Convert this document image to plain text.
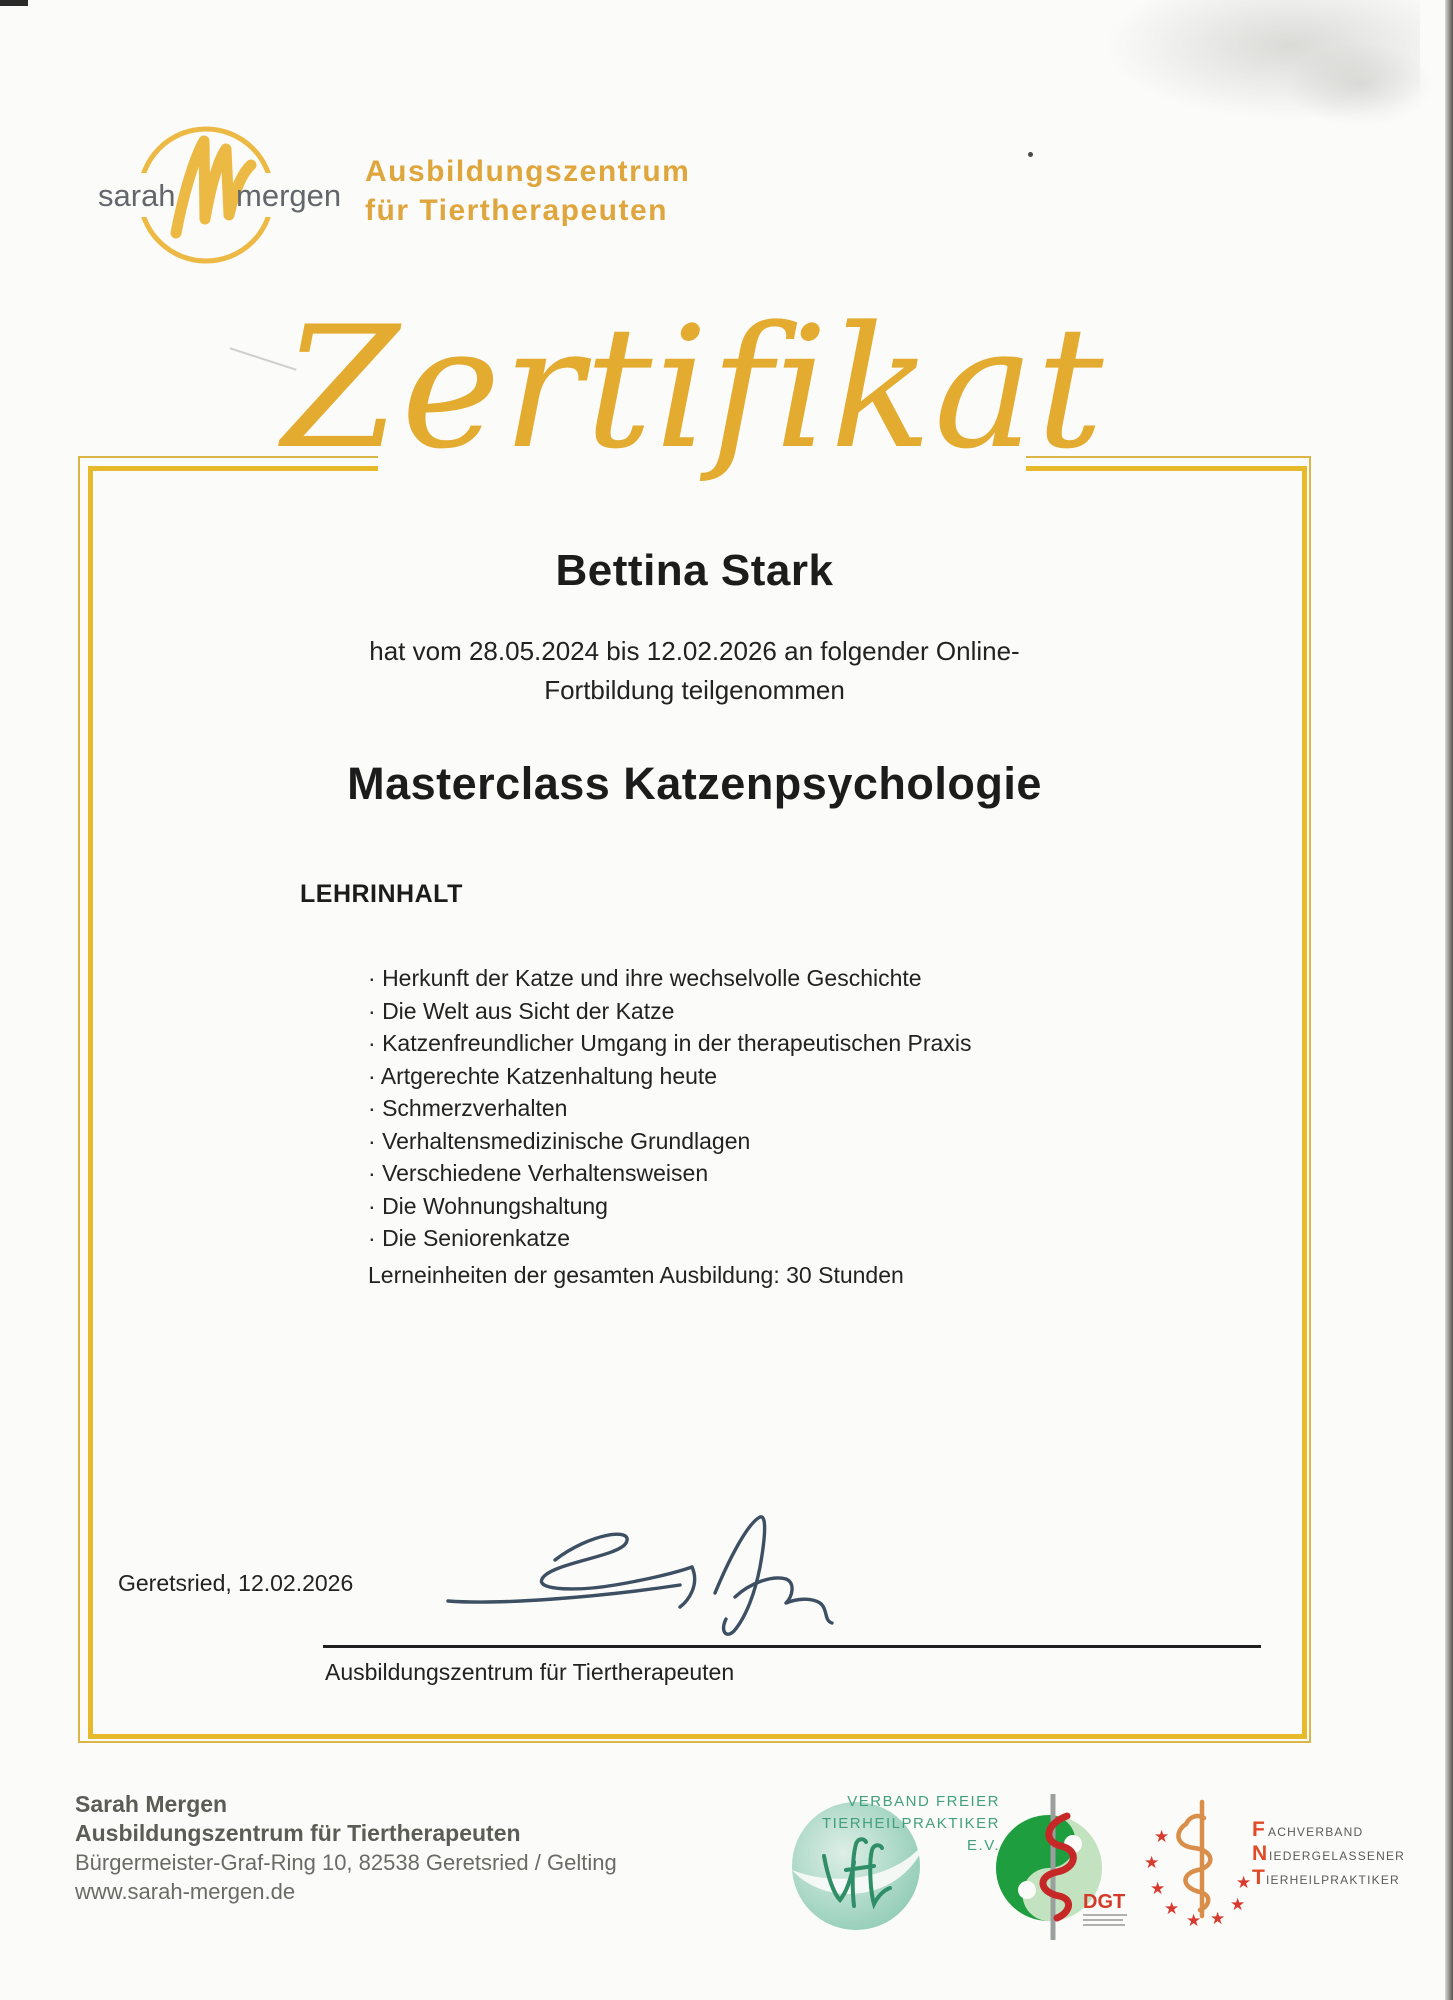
sarah mergen
Ausbildungszentrum
für Tiertherapeuten
Zertifikat
Bettina Stark
hat vom 28.05.2024 bis 12.02.2026 an folgender Online-
Fortbildung teilgenommen
Masterclass Katzenpsychologie
LEHRINHALT
· Herkunft der Katze und ihre wechselvolle Geschichte
· Die Welt aus Sicht der Katze
· Katzenfreundlicher Umgang in der therapeutischen Praxis
· Artgerechte Katzenhaltung heute
· Schmerzverhalten
· Verhaltensmedizinische Grundlagen
· Verschiedene Verhaltensweisen
· Die Wohnungshaltung
· Die Seniorenkatze
Lerneinheiten der gesamten Ausbildung: 30 Stunden
Geretsried, 12.02.2026
Ausbildungszentrum für Tiertherapeuten
Sarah Mergen
Ausbildungszentrum für Tiertherapeuten
Bürgermeister-Graf-Ring 10, 82538 Geretsried / Gelting
www.sarah-mergen.de
VERBAND FREIER
TIERHEILPRAKTIKER
E.V.
DGT
★
★
★
★
★ ★
★
★
F ACHVERBAND
N IEDERGELASSENER
T IERHEILPRAKTIKER
